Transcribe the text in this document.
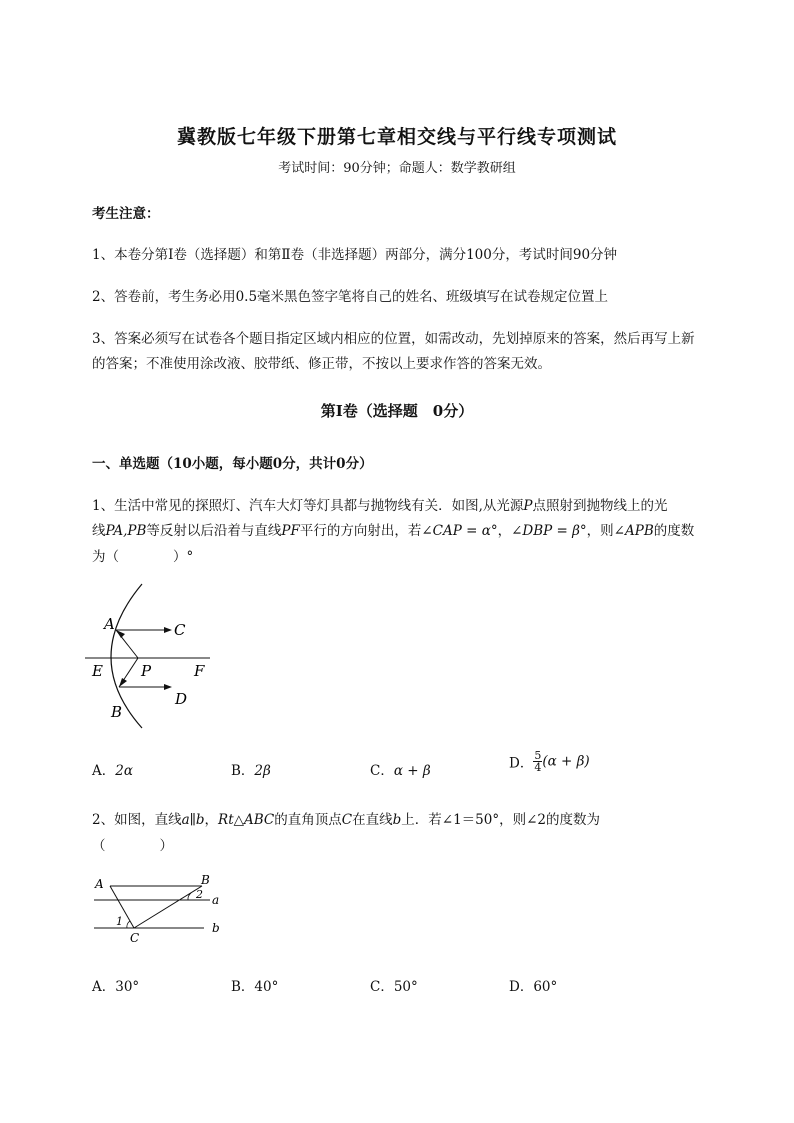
冀教版七年级下册第七章相交线与平行线专项测试
考试时间：90分钟；命题人：数学教研组
考生注意：
1、本卷分第I卷（选择题）和第Ⅱ卷（非选择题）两部分，满分100分，考试时间90分钟
2、答卷前，考生务必用0.5毫米黑色签字笔将自己的姓名、班级填写在试卷规定位置上
3、答案必须写在试卷各个题目指定区域内相应的位置，如需改动，先划掉原来的答案，然后再写上新
的答案；不准使用涂改液、胶带纸、修正带，不按以上要求作答的答案无效。
第I卷（选择题　0分）
一、单选题（10小题，每小题0分，共计0分）
1、生活中常见的探照灯、汽车大灯等灯具都与抛物线有关．如图,从光源P点照射到抛物线上的光
线PA,PB等反射以后沿着与直线PF平行的方向射出，若∠CAP = α°，∠DBP = β°，则∠APB的度数
为（　　　　）°
A	C
E	P	F
D
B
A．2α	B．2β	C．α + β	D． $\frac{5}{4} (\alpha + \beta)$
2、如图，直线a∥b，Rt△ABC的直角顶点C在直线b上．若∠1＝50°，则∠2的度数为
（　　　　）
A	B
2 a
1
C
b
A．30°	B．40°	C．50°	D．60°
